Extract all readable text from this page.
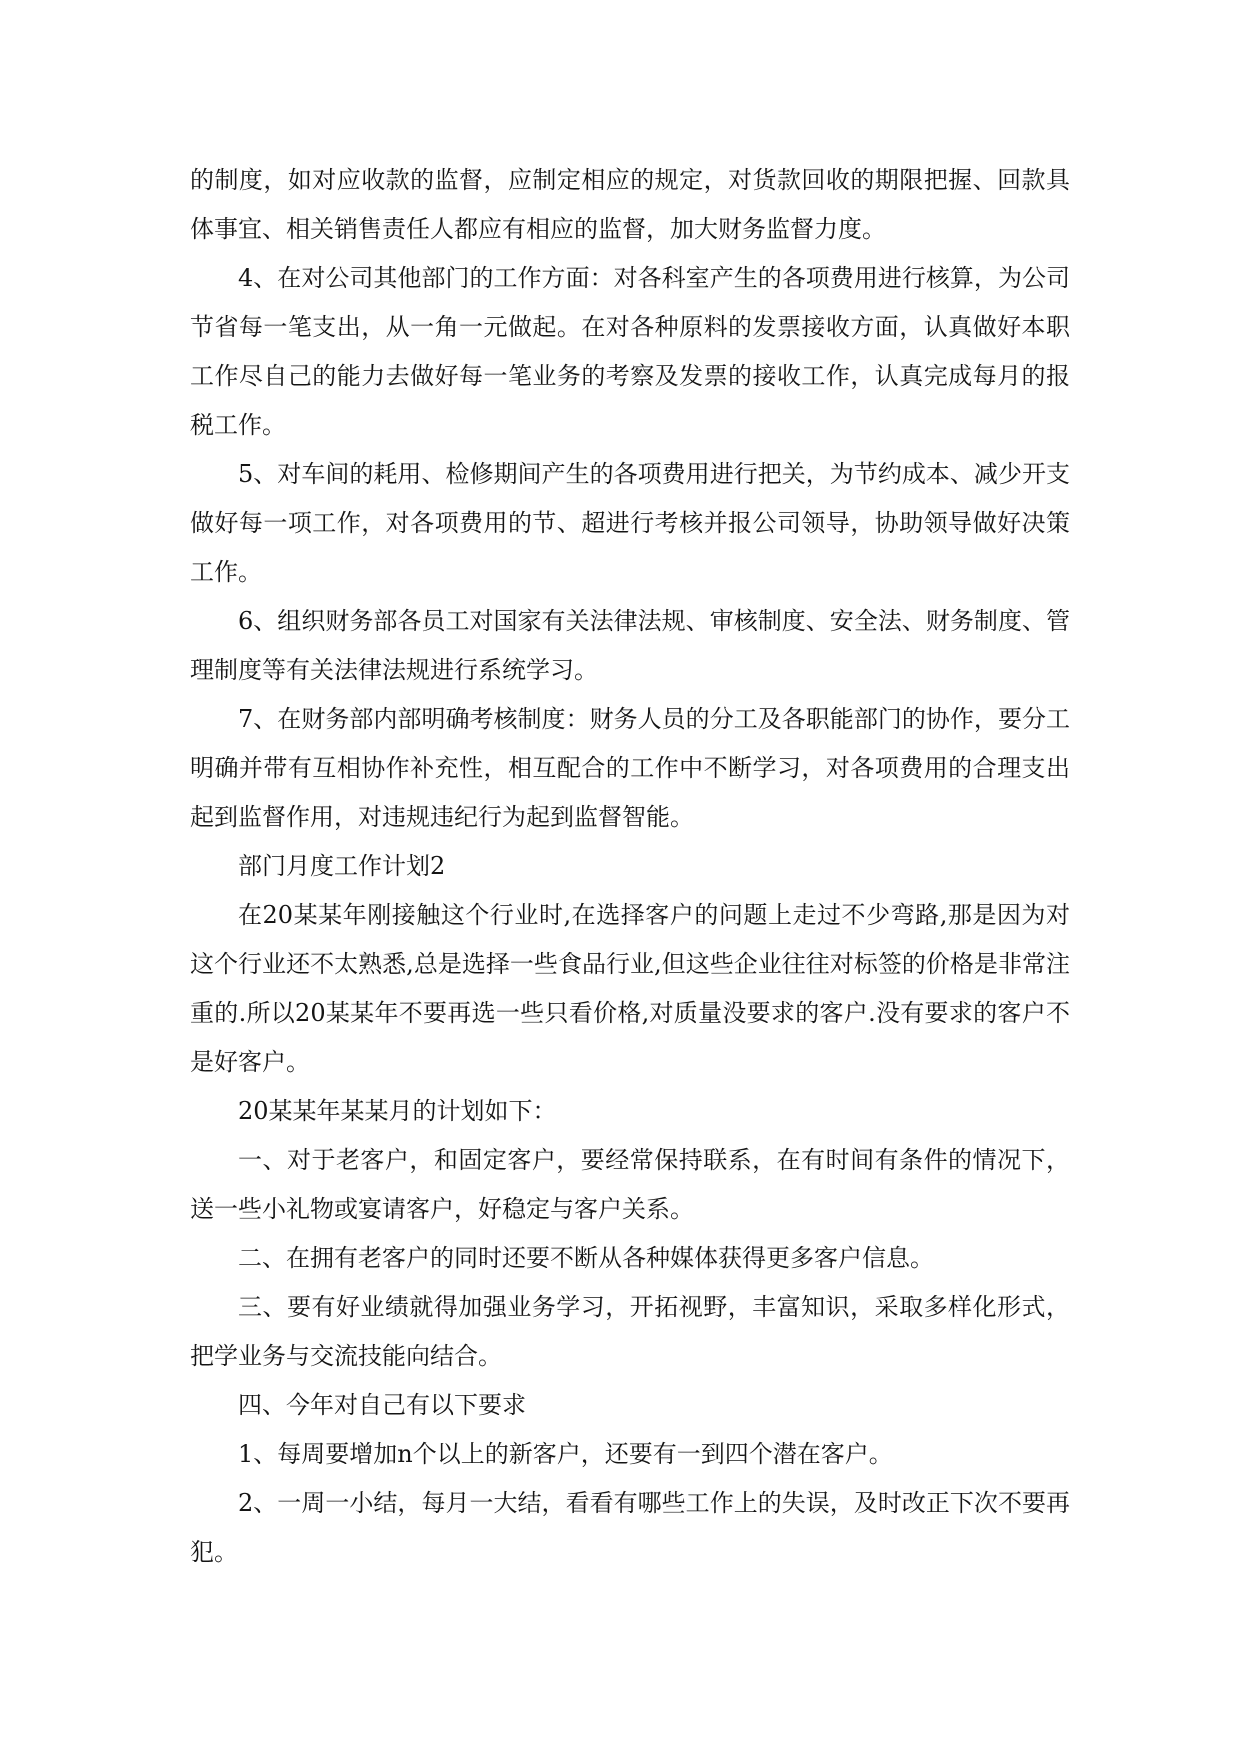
的制度，如对应收款的监督，应制定相应的规定，对货款回收的期限把握、回款具体事宜、相关销售责任人都应有相应的监督，加大财务监督力度。

4、在对公司其他部门的工作方面：对各科室产生的各项费用进行核算，为公司节省每一笔支出，从一角一元做起。在对各种原料的发票接收方面，认真做好本职工作尽自己的能力去做好每一笔业务的考察及发票的接收工作，认真完成每月的报税工作。

5、对车间的耗用、检修期间产生的各项费用进行把关，为节约成本、减少开支做好每一项工作，对各项费用的节、超进行考核并报公司领导，协助领导做好决策工作。

6、组织财务部各员工对国家有关法律法规、审核制度、安全法、财务制度、管理制度等有关法律法规进行系统学习。

7、在财务部内部明确考核制度：财务人员的分工及各职能部门的协作，要分工明确并带有互相协作补充性，相互配合的工作中不断学习，对各项费用的合理支出起到监督作用，对违规违纪行为起到监督智能。

部门月度工作计划2

在20某某年刚接触这个行业时,在选择客户的问题上走过不少弯路,那是因为对这个行业还不太熟悉,总是选择一些食品行业,但这些企业往往对标签的价格是非常注重的.所以20某某年不要再选一些只看价格,对质量没要求的客户.没有要求的客户不是好客户。

20某某年某某月的计划如下：

一、对于老客户，和固定客户，要经常保持联系，在有时间有条件的情况下，送一些小礼物或宴请客户，好稳定与客户关系。

二、在拥有老客户的同时还要不断从各种媒体获得更多客户信息。

三、要有好业绩就得加强业务学习，开拓视野，丰富知识，采取多样化形式，把学业务与交流技能向结合。

四、今年对自己有以下要求

1、每周要增加n个以上的新客户，还要有一到四个潜在客户。

2、一周一小结，每月一大结，看看有哪些工作上的失误，及时改正下次不要再犯。
